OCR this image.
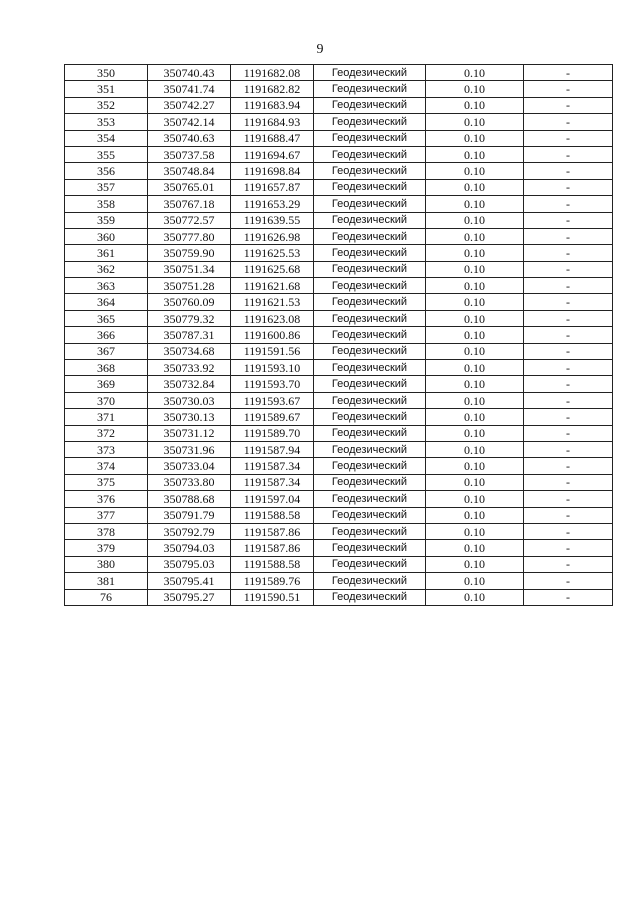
9
350	350740.43	1191682.08	Геодезический	0.10	-
351	350741.74	1191682.82	Геодезический	0.10	-
352	350742.27	1191683.94	Геодезический	0.10	-
353	350742.14	1191684.93	Геодезический	0.10	-
354	350740.63	1191688.47	Геодезический	0.10	-
355	350737.58	1191694.67	Геодезический	0.10	-
356	350748.84	1191698.84	Геодезический	0.10	-
357	350765.01	1191657.87	Геодезический	0.10	-
358	350767.18	1191653.29	Геодезический	0.10	-
359	350772.57	1191639.55	Геодезический	0.10	-
360	350777.80	1191626.98	Геодезический	0.10	-
361	350759.90	1191625.53	Геодезический	0.10	-
362	350751.34	1191625.68	Геодезический	0.10	-
363	350751.28	1191621.68	Геодезический	0.10	-
364	350760.09	1191621.53	Геодезический	0.10	-
365	350779.32	1191623.08	Геодезический	0.10	-
366	350787.31	1191600.86	Геодезический	0.10	-
367	350734.68	1191591.56	Геодезический	0.10	-
368	350733.92	1191593.10	Геодезический	0.10	-
369	350732.84	1191593.70	Геодезический	0.10	-
370	350730.03	1191593.67	Геодезический	0.10	-
371	350730.13	1191589.67	Геодезический	0.10	-
372	350731.12	1191589.70	Геодезический	0.10	-
373	350731.96	1191587.94	Геодезический	0.10	-
374	350733.04	1191587.34	Геодезический	0.10	-
375	350733.80	1191587.34	Геодезический	0.10	-
376	350788.68	1191597.04	Геодезический	0.10	-
377	350791.79	1191588.58	Геодезический	0.10	-
378	350792.79	1191587.86	Геодезический	0.10	-
379	350794.03	1191587.86	Геодезический	0.10	-
380	350795.03	1191588.58	Геодезический	0.10	-
381	350795.41	1191589.76	Геодезический	0.10	-
76	350795.27	1191590.51	Геодезический	0.10	-
